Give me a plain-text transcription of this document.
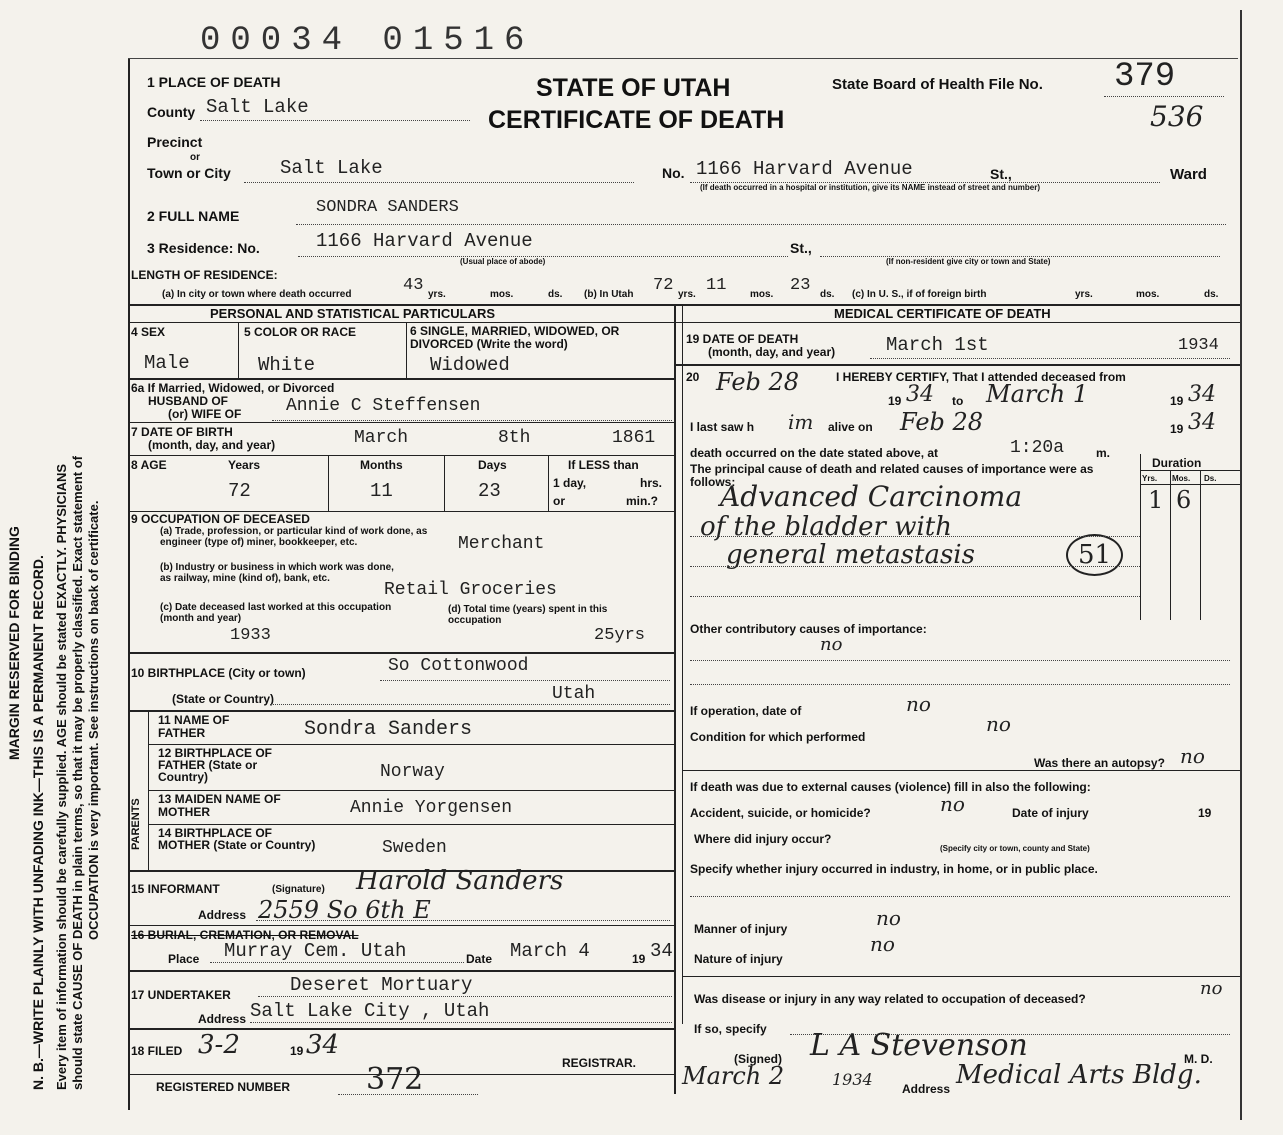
MARGIN RESERVED FOR BINDING N. B.—WRITE PLAINLY WITH UNFADING INK—THIS IS A PERMANENT RECORD. Every item of information should be carefully supplied. AGE should be stated EXACTLY. PHYSICIANS should state CAUSE OF DEATH in plain terms, so that it may be properly classified. Exact statement of OCCUPATION is very important. See instructions on back of certificate.
00034 01516
STATE OF UTAH
CERTIFICATE OF DEATH
State Board of Health File No. 379
536
1 PLACE OF DEATH
County Salt Lake
Precinct
or
Town or City	Salt Lake	No. 1166 Harvard Avenue	St.,	Ward
(If death occurred in a hospital or institution, give its NAME instead of street and number)
2 FULL NAME	SONDRA SANDERS
3 Residence: No.	1166 Harvard Avenue	St.,
(Usual place of abode)	(If non-resident give city or town and State)
LENGTH OF RESIDENCE:
(a) In city or town where death occurred	43 yrs.	mos.	ds. (b) In Utah 72 yrs. 11 mos. 23 ds. (c) In U. S., if of foreign birth	yrs.	mos.	ds.
PERSONAL AND STATISTICAL PARTICULARS	MEDICAL CERTIFICATE OF DEATH
4 SEX
Male
5 COLOR OR RACE
White
6 SINGLE, MARRIED, WIDOWED, OR DIVORCED (Write the word)
Widowed
6a If Married, Widowed, or Divorced
HUSBAND OF
(or) WIFE OF Annie C Steffensen
7 DATE OF BIRTH
(month, day, and year)	March	8th	1861
8 AGE	Years	Months	Days	If LESS than
1 day,	hrs.
or	min.?
72	11	23
9 OCCUPATION OF DECEASED
(a) Trade, profession, or particular kind of work done, as engineer (type of) miner, bookkeeper, etc.	Merchant
(b) Industry or business in which work was done, as railway, mine (kind of), bank, etc.
Retail Groceries
(c) Date deceased last worked at this occupation (month and year)
1933
(d) Total time (years) spent in this occupation
25yrs
10 BIRTHPLACE (City or town)	So Cottonwood
(State or Country)	Utah
PARENTS
11 NAME OF FATHER	Sondra Sanders
12 BIRTHPLACE OF FATHER (State or Country)	Norway
13 MAIDEN NAME OF MOTHER	Annie Yorgensen
14 BIRTHPLACE OF MOTHER (State or Country)	Sweden
15 INFORMANT	(Signature) Harold Sanders
Address 2559 So 6th E
16 BURIAL, CREMATION, OR REMOVAL
Place Murray Cem. Utah	Date March 4	19 34
17 UNDERTAKER	Deseret Mortuary
Address Salt Lake City , Utah
18 FILED 3-2	19 34
REGISTRAR.
REGISTERED NUMBER	372
19 DATE OF DEATH
(month, day, and year)	March 1st	1934
20 Feb 28	I HEREBY CERTIFY, That I attended deceased from
19 34 to March 1	19 34
I last saw h im alive on Feb 28	19 34
death occurred on the date stated above, at	1:20a	m.
The principal cause of death and related causes of importance were as follows:
Duration
Yrs. Mos. Ds.
1 6
Advanced Carcinoma
of the bladder with
general metastasis	51
Other contributory causes of importance:
no
If operation, date of	no
Condition for which performed
no
Was there an autopsy? no
If death was due to external causes (violence) fill in also the following:
Accident, suicide, or homicide?	no	Date of injury	19
Where did injury occur?
(Specify city or town, county and State)
Specify whether injury occurred in industry, in home, or in public place.
Manner of injury	no
Nature of injury
no
Was disease or injury in any way related to occupation of deceased?	no
If so, specify
(Signed) L A Stevenson	M. D.
March 2	1934 Address Medical Arts Bldg.
